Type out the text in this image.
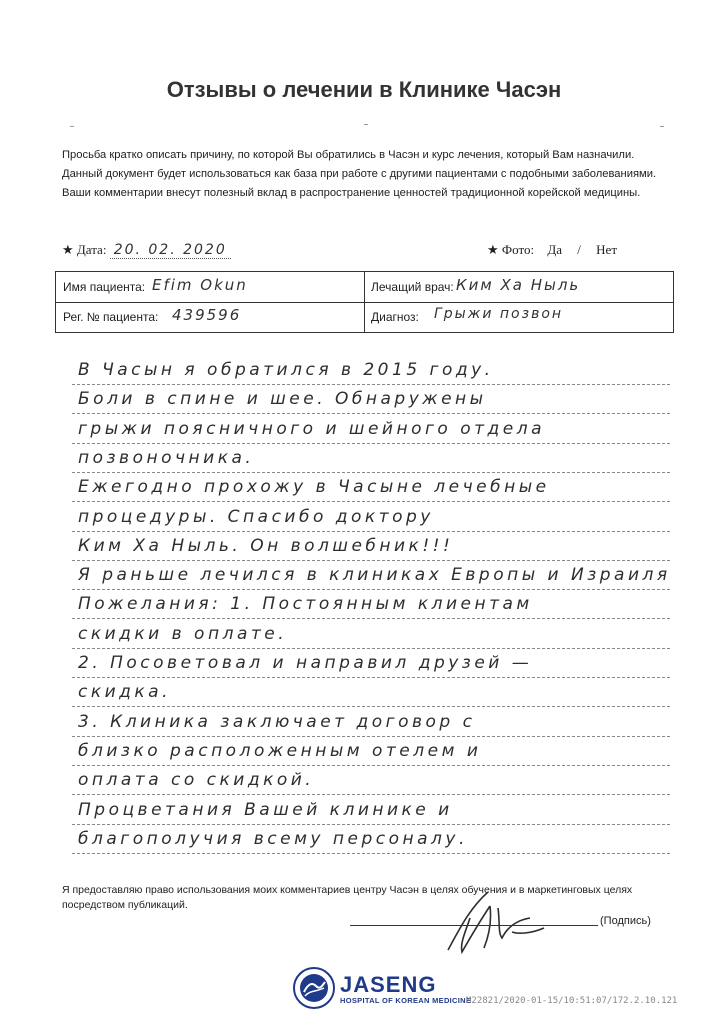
Отзывы о лечении в Клинике Часэн
Просьба кратко описать причину, по которой Вы обратились в Часэн и курс лечения, который Вам назначили.
Данный документ будет использоваться как база при работе с другими пациентами с подобными заболеваниями.
Ваши комментарии внесут полезный вклад в распространение ценностей традиционной корейской медицины.
★ Дата: 20. 02. 2020	★ Фото: Да / Нет
Имя пациента: Efim Okun	Лечащий врач: Ким Ха Ныль
Рег. № пациента: 439596	Диагноз: Грыжи позвон
В Часын я обратился в 2015 году.
Боли в спине и шее. Обнаружены
грыжи поясничного и шейного отдела
позвоночника.
Ежегодно прохожу в Часыне лечебные
процедуры. Спасибо доктору
Ким Ха Ныль. Он волшебник!!!
Я раньше лечился в клиниках Европы и Израиля
Пожелания: 1. Постоянным клиентам
скидки в оплате.
2. Посоветовал и направил друзей —
скидка.
3. Клиника заключает договор с
близко расположенным отелем и
оплата со скидкой.
Процветания Вашей клинике и
благополучия всему персоналу.
Я предоставляю право использования моих комментариев центру Часэн в целях обучения и в маркетинговых целях посредством публикаций.
(Подпись)
JASENG
HOSPITAL OF KOREAN MEDICINE
M22821/2020-01-15/10:51:07/172.2.10.121
